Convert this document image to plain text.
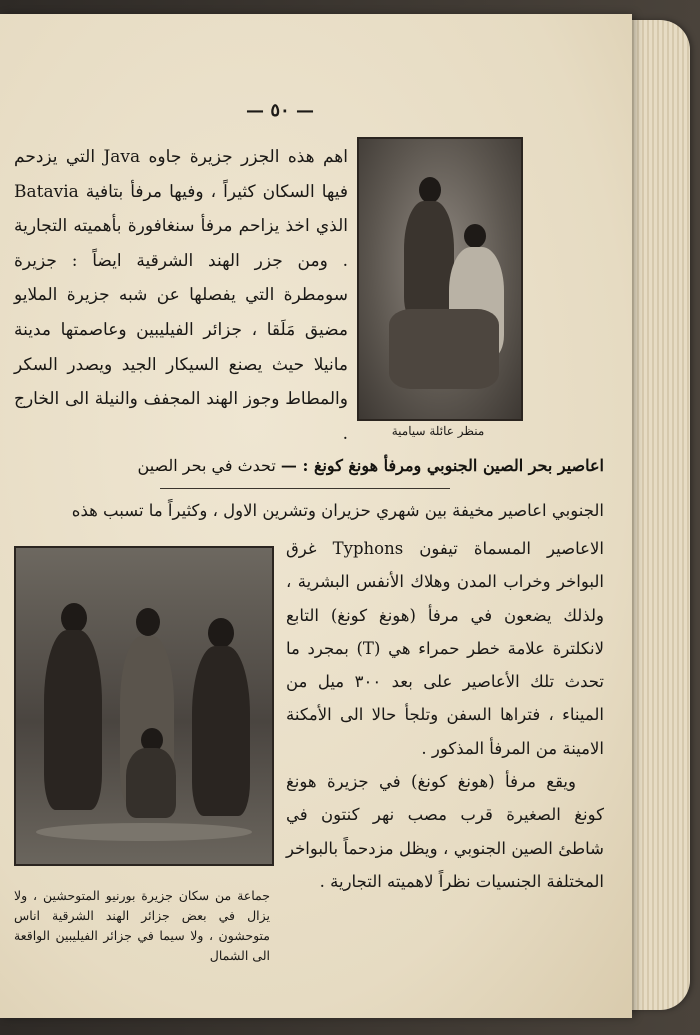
— ٥٠ —
منظر عائلة سيامية
اهم هذه الجزر جزيرة جاوه Java التي يزدحم فيها السكان كثيراً ، وفيها مرفأ بتافية Batavia الذي اخذ يزاحم مرفأ سنغافورة بأهميته التجارية . ومن جزر الهند الشرقية ايضاً : جزيرة سومطرة التي يفصلها عن شبه جزيرة الملايو مضيق مَلَقا ، جزائر الفيليبين وعاصمتها مدينة مانيلا حيث يصنع السيكار الجيد ويصدر السكر والمطاط وجوز الهند المجفف والنيلة الى الخارج .
اعاصير بحر الصين الجنوبي ومرفأ هونغ كونغ : — تحدث في بحر الصين
الجنوبي اعاصير مخيفة بين شهري حزيران وتشرين الاول ، وكثيراً ما تسبب هذه
جماعة من سكان جزيرة بورنيو المتوحشين ، ولا يزال في بعض جزائر الهند الشرقية اناس متوحشون ، ولا سيما في جزائر الفيليبين الواقعة الى الشمال

الاعاصير المسماة تيفون Typhons غرق البواخر وخراب المدن وهلاك الأنفس البشرية ، ولذلك يضعون في مرفأ (هونغ كونغ) التابع لانكلترة علامة خطر حمراء هي (T) بمجرد ما تحدث تلك الأعاصير على بعد ٣٠٠ ميل من الميناء ، فتراها السفن وتلجأ حالا الى الأمكنة الامينة من المرفأ المذكور .

ويقع مرفأ (هونغ كونغ) في جزيرة هونغ كونغ الصغيرة قرب مصب نهر كنتون في شاطئ الصين الجنوبي ، ويظل مزدحماً بالبواخر المختلفة الجنسيات نظراً لاهميته التجارية .
